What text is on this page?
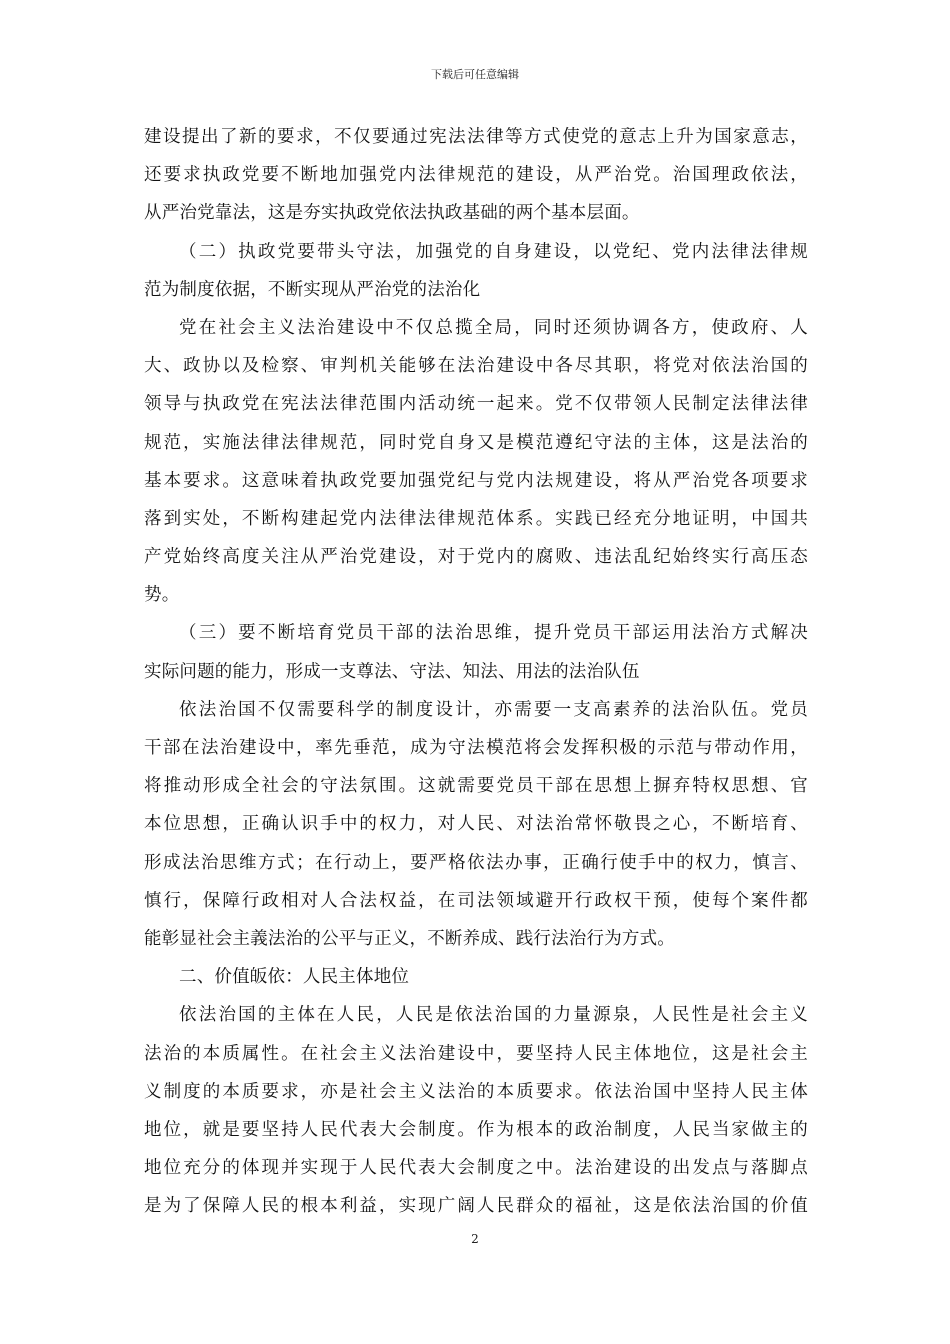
下载后可任意编辑
建设提出了新的要求，不仅要通过宪法法律等方式使党的意志上升为国家意志，
还要求执政党要不断地加强党内法律规范的建设，从严治党。治国理政依法，
从严治党靠法，这是夯实执政党依法执政基础的两个基本层面。
（二）执政党要带头守法，加强党的自身建设，以党纪、党内法律法律规
范为制度依据，不断实现从严治党的法治化
党在社会主义法治建设中不仅总揽全局，同时还须协调各方，使政府、人
大、政协以及检察、审判机关能够在法治建设中各尽其职，将党对依法治国的
领导与执政党在宪法法律范围内活动统一起来。党不仅带领人民制定法律法律
规范，实施法律法律规范，同时党自身又是模范遵纪守法的主体，这是法治的
基本要求。这意味着执政党要加强党纪与党内法规建设，将从严治党各项要求
落到实处，不断构建起党内法律法律规范体系。实践已经充分地证明，中国共
产党始终高度关注从严治党建设，对于党内的腐败、违法乱纪始终实行高压态
势。
（三）要不断培育党员干部的法治思维，提升党员干部运用法治方式解决
实际问题的能力，形成一支尊法、守法、知法、用法的法治队伍
依法治国不仅需要科学的制度设计，亦需要一支高素养的法治队伍。党员
干部在法治建设中，率先垂范，成为守法模范将会发挥积极的示范与带动作用，
将推动形成全社会的守法氛围。这就需要党员干部在思想上摒弃特权思想、官
本位思想，正确认识手中的权力，对人民、对法治常怀敬畏之心，不断培育、
形成法治思维方式；在行动上，要严格依法办事，正确行使手中的权力，慎言、
慎行，保障行政相对人合法权益，在司法领域避开行政权干预，使每个案件都
能彰显社会主義法治的公平与正义，不断养成、践行法治行为方式。
二、价值皈依：人民主体地位
依法治国的主体在人民，人民是依法治国的力量源泉，人民性是社会主义
法治的本质属性。在社会主义法治建设中，要坚持人民主体地位，这是社会主
义制度的本质要求，亦是社会主义法治的本质要求。依法治国中坚持人民主体
地位，就是要坚持人民代表大会制度。作为根本的政治制度，人民当家做主的
地位充分的体现并实现于人民代表大会制度之中。法治建设的出发点与落脚点
是为了保障人民的根本利益，实现广阔人民群众的福祉，这是依法治国的价值
2
